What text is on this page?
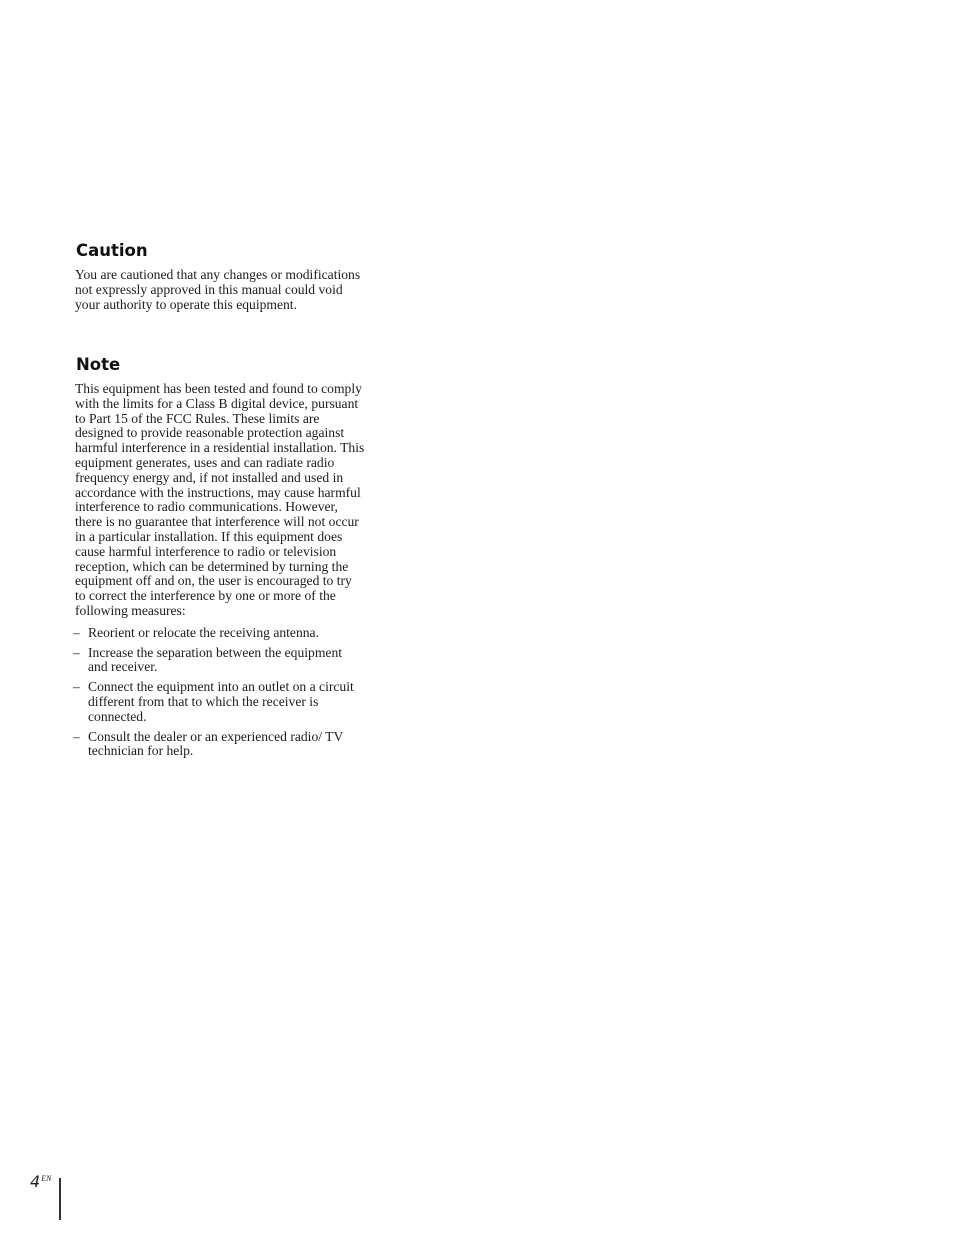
Caution

You are cautioned that any changes or modifications not expressly approved in this manual could void your authority to operate this equipment.

Note

This equipment has been tested and found to comply with the limits for a Class B digital device, pursuant to Part 15 of the FCC Rules. These limits are designed to provide reasonable protection against harmful interference in a residential installation. This equipment generates, uses and can radiate radio frequency energy and, if not installed and used in accordance with the instructions, may cause harmful interference to radio communications. However, there is no guarantee that interference will not occur in a particular installation. If this equipment does cause harmful interference to radio or television reception, which can be determined by turning the equipment off and on, the user is encouraged to try to correct the interference by one or more of the following measures:

– Reorient or relocate the receiving antenna.
– Increase the separation between the equipment and receiver.
– Connect the equipment into an outlet on a circuit different from that to which the receiver is connected.
– Consult the dealer or an experienced radio/ TV technician for help.
$4^{EN}$
